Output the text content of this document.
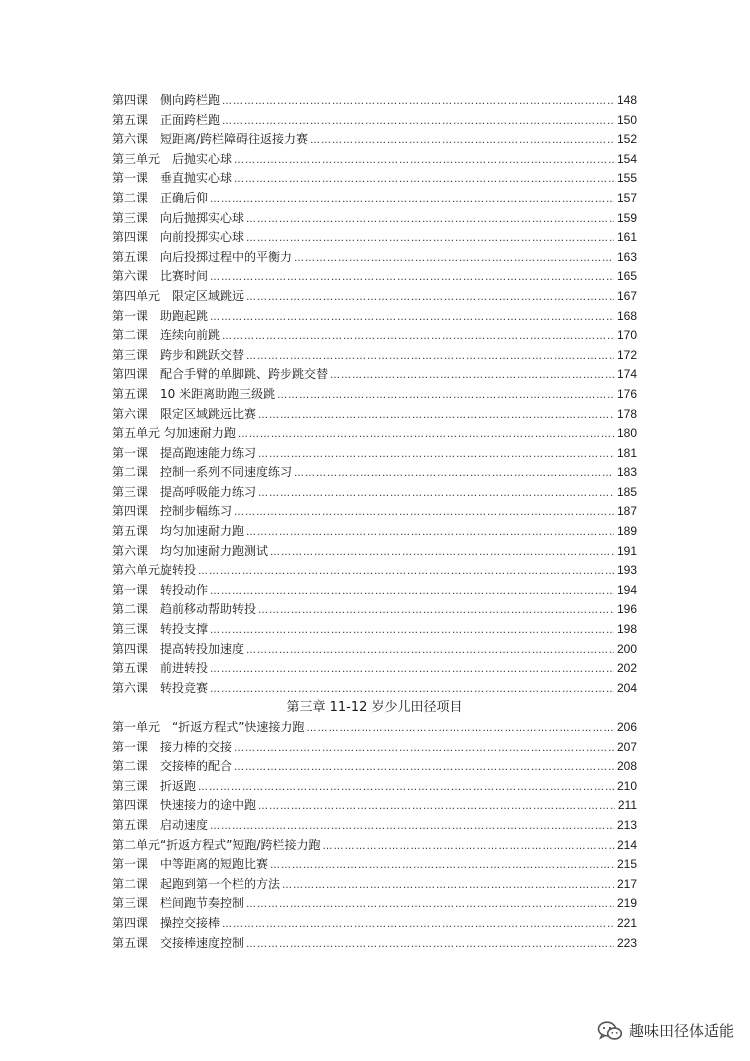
第四课　侧向跨栏跑 ………………………………………………………………………………………………………………………………………………………………………………………………………………………………………………	148
第五课　正面跨栏跑 ………………………………………………………………………………………………………………………………………………………………………………………………………………………………………………	150
第六课　短距离/跨栏障碍往返接力赛 ………………………………………………………………………………………………………………………………………………………………………………………………………………………………………………	152
第三单元　后抛实心球 ………………………………………………………………………………………………………………………………………………………………………………………………………………………………………………	154
第一课　垂直抛实心球 ………………………………………………………………………………………………………………………………………………………………………………………………………………………………………………	155
第二课　正确后仰 ………………………………………………………………………………………………………………………………………………………………………………………………………………………………………………	157
第三课　向后抛掷实心球 ………………………………………………………………………………………………………………………………………………………………………………………………………………………………………………	159
第四课　向前投掷实心球 ………………………………………………………………………………………………………………………………………………………………………………………………………………………………………………	161
第五课　向后投掷过程中的平衡力 ………………………………………………………………………………………………………………………………………………………………………………………………………………………………………………	163
第六课　比赛时间 ………………………………………………………………………………………………………………………………………………………………………………………………………………………………………………	165
第四单元　限定区域跳远 ………………………………………………………………………………………………………………………………………………………………………………………………………………………………………………	167
第一课　助跑起跳 ………………………………………………………………………………………………………………………………………………………………………………………………………………………………………………	168
第二课　连续向前跳 ………………………………………………………………………………………………………………………………………………………………………………………………………………………………………………	170
第三课　跨步和跳跃交替 ………………………………………………………………………………………………………………………………………………………………………………………………………………………………………………	172
第四课　配合手臂的单脚跳、跨步跳交替 ………………………………………………………………………………………………………………………………………………………………………………………………………………………………………………	174
第五课　10 米距离助跑三级跳 ………………………………………………………………………………………………………………………………………………………………………………………………………………………………………………	176
第六课　限定区域跳远比赛 ………………………………………………………………………………………………………………………………………………………………………………………………………………………………………………	178
第五单元 匀加速耐力跑 ………………………………………………………………………………………………………………………………………………………………………………………………………………………………………………	180
第一课　提高跑速能力练习 ………………………………………………………………………………………………………………………………………………………………………………………………………………………………………………	181
第二课　控制一系列不同速度练习 ………………………………………………………………………………………………………………………………………………………………………………………………………………………………………………	183
第三课　提高呼吸能力练习 ………………………………………………………………………………………………………………………………………………………………………………………………………………………………………………	185
第四课　控制步幅练习 ………………………………………………………………………………………………………………………………………………………………………………………………………………………………………………	187
第五课　均匀加速耐力跑 ………………………………………………………………………………………………………………………………………………………………………………………………………………………………………………	189
第六课　均匀加速耐力跑测试 ………………………………………………………………………………………………………………………………………………………………………………………………………………………………………………	191
第六单元旋转投 ………………………………………………………………………………………………………………………………………………………………………………………………………………………………………………	193
第一课　转投动作 ………………………………………………………………………………………………………………………………………………………………………………………………………………………………………………	194
第二课　趋前移动帮助转投 ………………………………………………………………………………………………………………………………………………………………………………………………………………………………………………	196
第三课　转投支撑 ………………………………………………………………………………………………………………………………………………………………………………………………………………………………………………	198
第四课　提高转投加速度 ………………………………………………………………………………………………………………………………………………………………………………………………………………………………………………	200
第五课　前进转投 ………………………………………………………………………………………………………………………………………………………………………………………………………………………………………………	202
第六课　转投竞赛 ………………………………………………………………………………………………………………………………………………………………………………………………………………………………………………	204
第三章 11-12 岁少儿田径项目
第一单元　“折返方程式”快速接力跑 ………………………………………………………………………………………………………………………………………………………………………………………………………………………………………………	206
第一课　接力棒的交接 ………………………………………………………………………………………………………………………………………………………………………………………………………………………………………………	207
第二课　交接棒的配合 ………………………………………………………………………………………………………………………………………………………………………………………………………………………………………………	208
第三课　折返跑 ………………………………………………………………………………………………………………………………………………………………………………………………………………………………………………	210
第四课　快速接力的途中跑 ………………………………………………………………………………………………………………………………………………………………………………………………………………………………………………	211
第五课　启动速度 ………………………………………………………………………………………………………………………………………………………………………………………………………………………………………………	213
第二单元“折返方程式”短跑/跨栏接力跑 ………………………………………………………………………………………………………………………………………………………………………………………………………………………………………………	214
第一课　中等距离的短跑比赛 ………………………………………………………………………………………………………………………………………………………………………………………………………………………………………………	215
第二课　起跑到第一个栏的方法 ………………………………………………………………………………………………………………………………………………………………………………………………………………………………………………	217
第三课　栏间跑节奏控制 ………………………………………………………………………………………………………………………………………………………………………………………………………………………………………………	219
第四课　操控交接棒 ………………………………………………………………………………………………………………………………………………………………………………………………………………………………………………	221
第五课　交接棒速度控制 ………………………………………………………………………………………………………………………………………………………………………………………………………………………………………………	223
趣味田径体适能
